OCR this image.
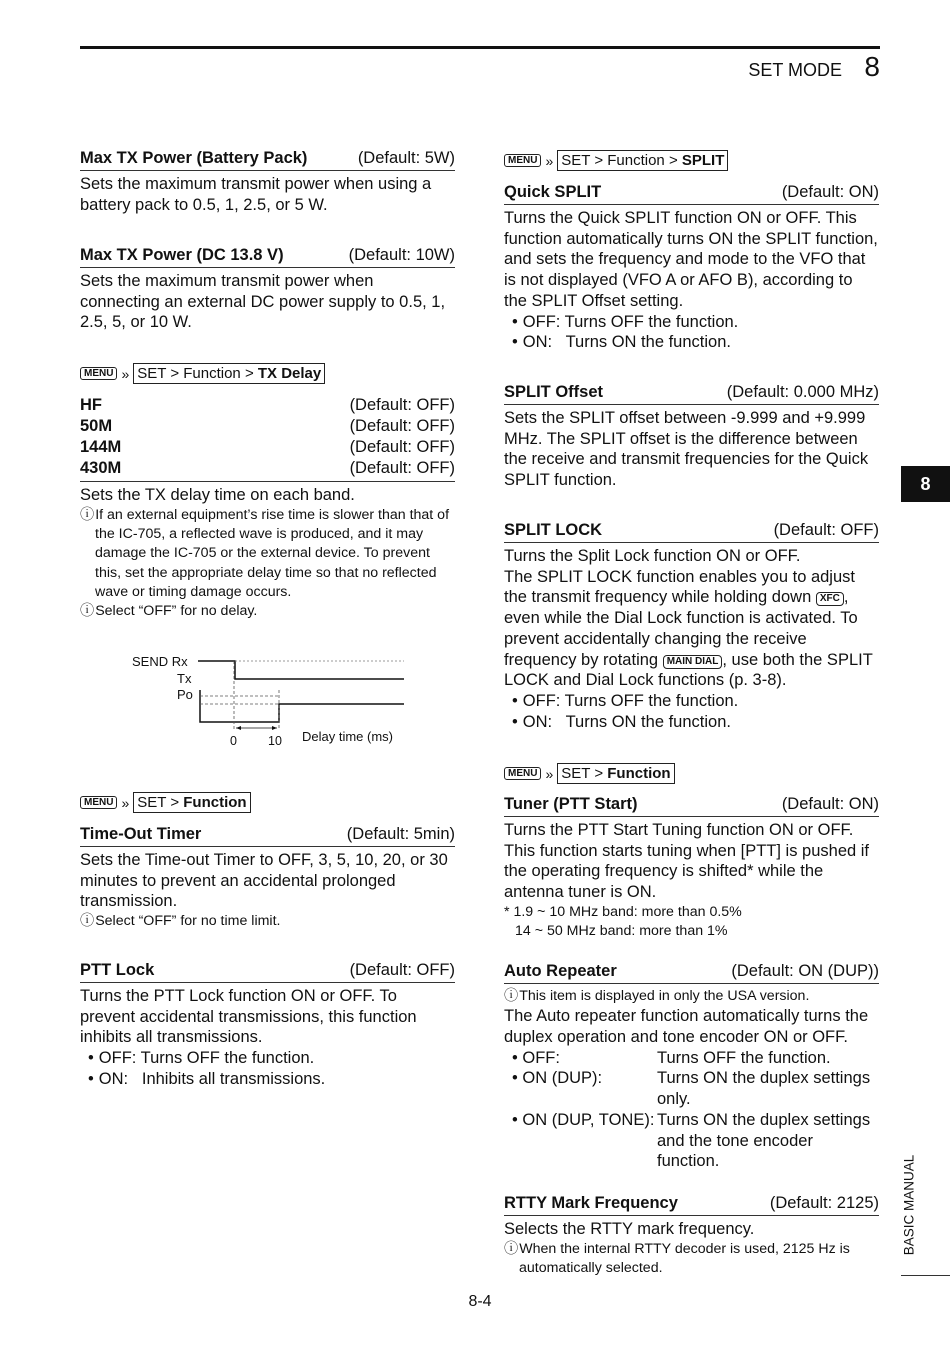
SET MODE 8
8
BASIC MANUAL
Max TX Power (Battery Pack)	(Default: 5W)
Sets the maximum transmit power when using a battery pack to 0.5, 1, 2.5, or 5 W.
Max TX Power (DC 13.8 V)	(Default: 10W)
Sets the maximum transmit power when connecting an external DC power supply to 0.5, 1, 2.5, 5, or 10 W.
MENU » SET > Function > TX Delay
HF	(Default: OFF)
50M	(Default: OFF)
144M	(Default: OFF)
430M	(Default: OFF)
Sets the TX delay time on each band.
ⓘIf an external equipment’s rise time is slower than that of the IC-705, a reflected wave is produced, and it may damage the IC-705 or the external device. To prevent this, set the appropriate delay time so that no reflected wave or timing damage occurs.
ⓘSelect “OFF” for no delay.
SEND Rx
Tx
Po
0 10 Delay time (ms)
MENU » SET > Function
Time-Out Timer	(Default: 5min)
Sets the Time-out Timer to OFF, 3, 5, 10, 20, or 30 minutes to prevent an accidental prolonged transmission.
ⓘSelect “OFF” for no time limit.
PTT Lock	(Default: OFF)
Turns the PTT Lock function ON or OFF. To prevent accidental transmissions, this function inhibits all transmissions.
• OFF: Turns OFF the function.
• ON:   Inhibits all transmissions.
MENU » SET > Function > SPLIT
Quick SPLIT	(Default: ON)
Turns the Quick SPLIT function ON or OFF. This function automatically turns ON the SPLIT function, and sets the frequency and mode to the VFO that is not displayed (VFO A or AFO B), according to the SPLIT Offset setting.
• OFF: Turns OFF the function.
• ON:   Turns ON the function.
SPLIT Offset	(Default: 0.000 MHz)
Sets the SPLIT offset between -9.999 and +9.999 MHz. The SPLIT offset is the difference between the receive and transmit frequencies for the Quick SPLIT function.
SPLIT LOCK	(Default: OFF)
Turns the Split Lock function ON or OFF.
The SPLIT LOCK function enables you to adjust the transmit frequency while holding down XFC , even while the Dial Lock function is activated. To prevent accidentally changing the receive frequency by rotating MAIN DIAL , use both the SPLIT LOCK and Dial Lock functions (p. 3-8).
• OFF: Turns OFF the function.
• ON:   Turns ON the function.
MENU » SET > Function
Tuner (PTT Start)	(Default: ON)
Turns the PTT Start Tuning function ON or OFF. This function starts tuning when [PTT] is pushed if the operating frequency is shifted* while the antenna tuner is ON.
* 1.9 ~ 10 MHz band: more than 0.5%
14 ~ 50 MHz band: more than 1%
Auto Repeater	(Default: ON (DUP))
ⓘThis item is displayed in only the USA version.
The Auto repeater function automatically turns the duplex operation and tone encoder ON or OFF.
• OFF:	Turns OFF the function.
• ON (DUP):	Turns ON the duplex settings only.
• ON (DUP, TONE): Turns ON the duplex settings and the tone encoder function.
RTTY Mark Frequency	(Default: 2125)
Selects the RTTY mark frequency.
ⓘWhen the internal RTTY decoder is used, 2125 Hz is automatically selected.
8-4
